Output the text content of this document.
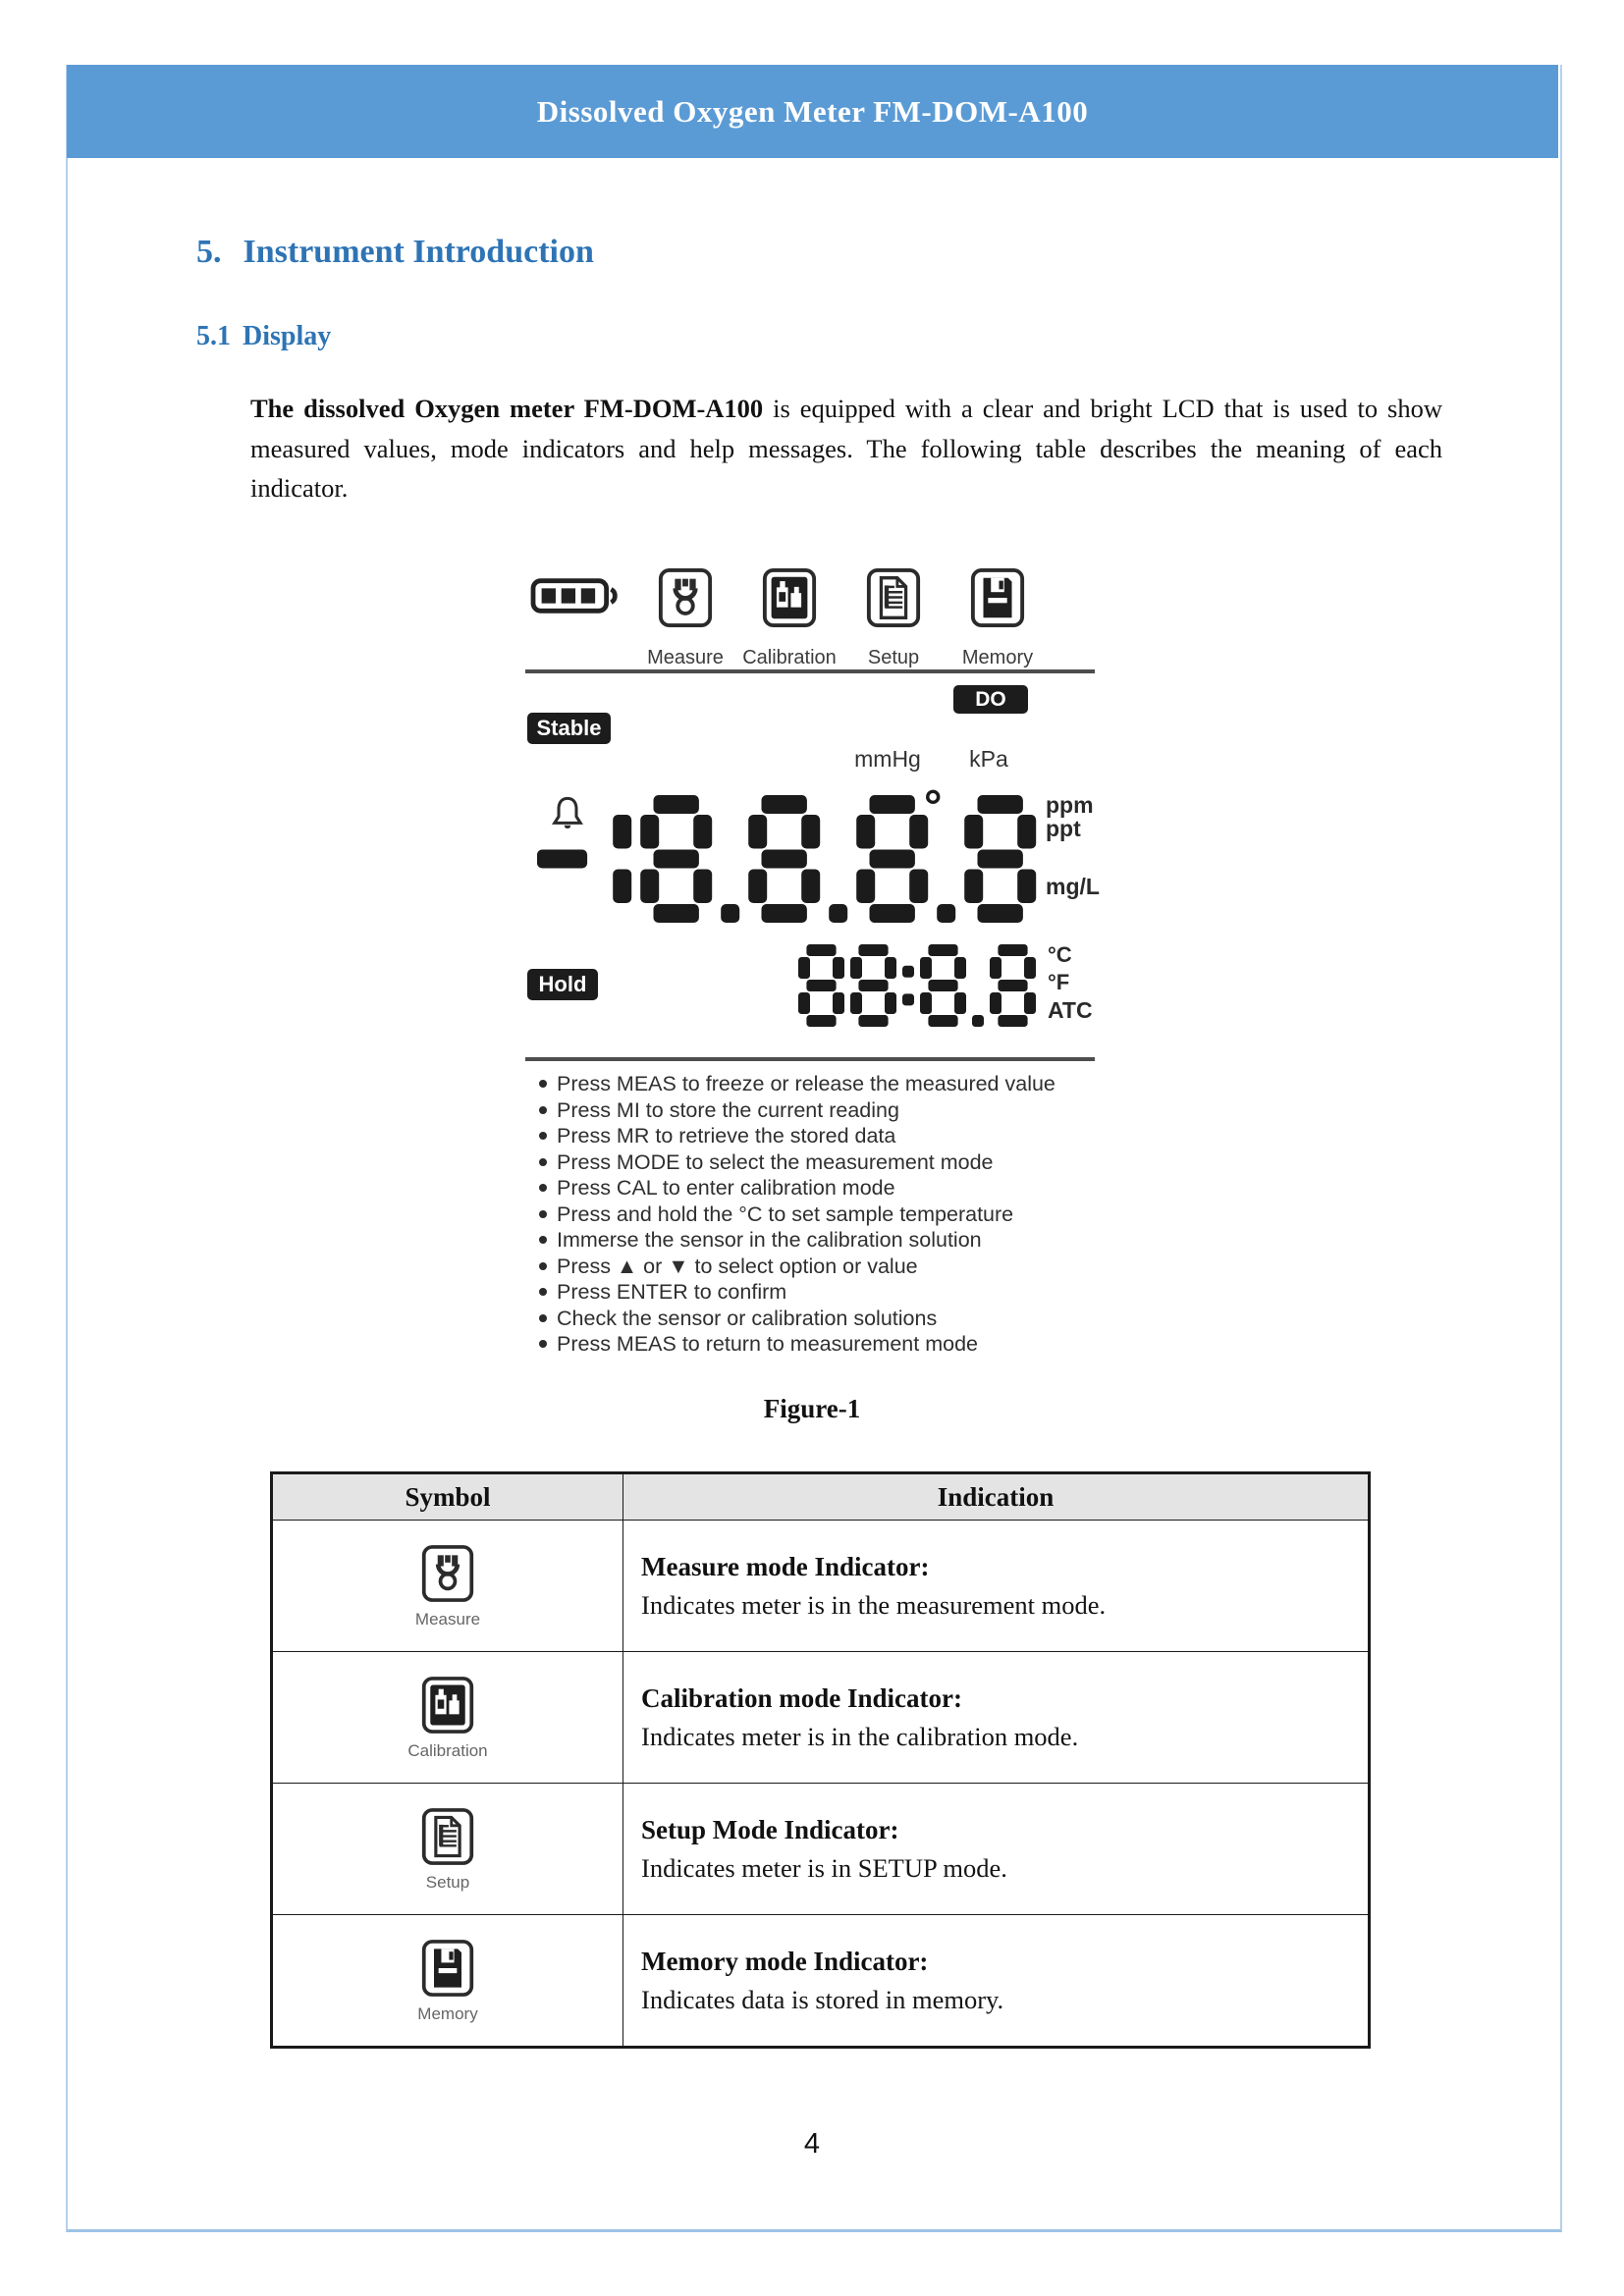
Dissolved Oxygen Meter FM-DOM-A100
5. Instrument Introduction
5.1 Display
The dissolved Oxygen meter FM-DOM-A100 is equipped with a clear and bright LCD that is used to show measured values, mode indicators and help messages. The following table describes the meaning of each indicator.
Measure Calibration Setup Memory
DO
Stable
mmHg kPa
°	ppm
ppt
mg/L
Hold
°C
°F
ATC
Press MEAS to freeze or release the measured value
Press MI to store the current reading
Press MR to retrieve the stored data
Press MODE to select the measurement mode
Press CAL to enter calibration mode
Press and hold the °C to set sample temperature
Immerse the sensor in the calibration solution
Press ▲ or ▼ to select option or value
Press ENTER to confirm
Check the sensor or calibration solutions
Press MEAS to return to measurement mode
Figure-1
Symbol	Indication

Measure	Measure mode Indicator:
Indicates meter is in the measurement mode.

Calibration	Calibration mode Indicator:
Indicates meter is in the calibration mode.

Setup	Setup Mode Indicator:
Indicates meter is in SETUP mode.

Memory	Memory mode Indicator:
Indicates data is stored in memory.
4
